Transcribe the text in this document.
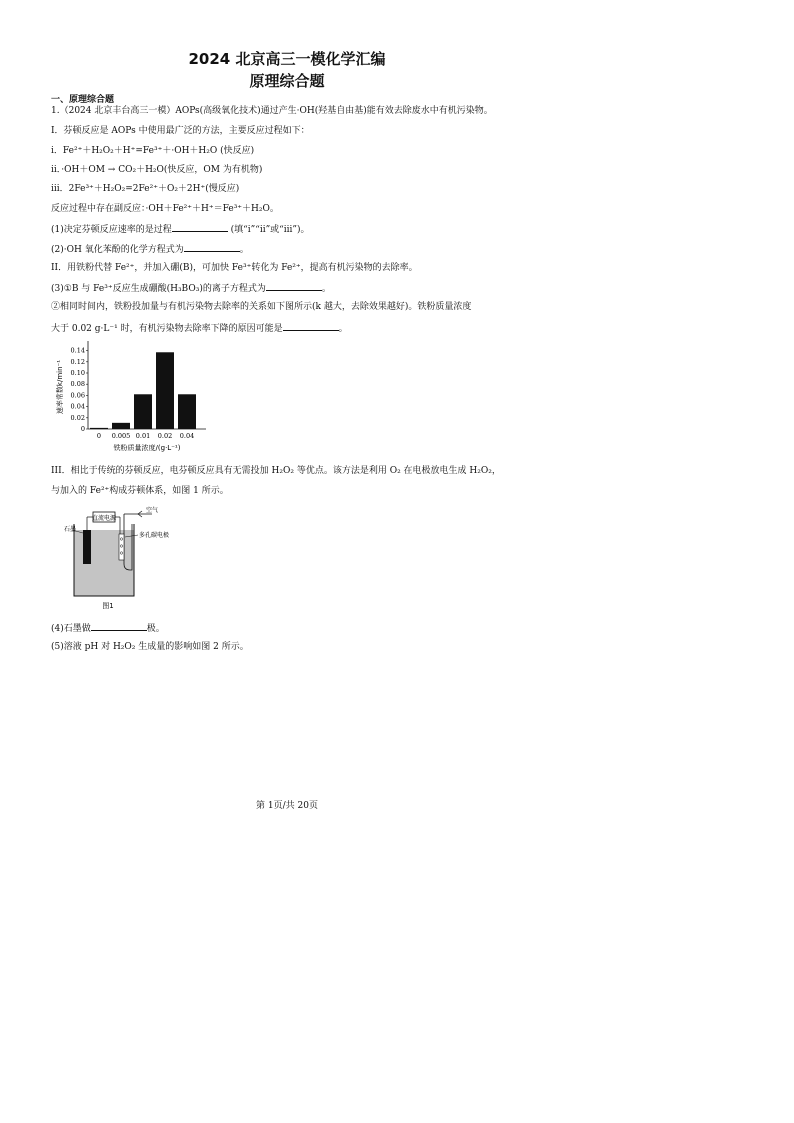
2024 北京高三一模化学汇编
原理综合题
一、原理综合题
1.（2024 北京丰台高三一模）AOPs(高级氧化技术)通过产生·OH(羟基自由基)能有效去除废水中有机污染物。
I．芬顿反应是 AOPs 中使用最广泛的方法，主要反应过程如下：
i．Fe²⁺＋H₂O₂＋H⁺=Fe³⁺＋·OH＋H₂O (快反应)
ii．·OH＋OM → CO₂＋H₂O(快反应，OM 为有机物)
iii．2Fe³⁺＋H₂O₂=2Fe²⁺＋O₂＋2H⁺(慢反应)
反应过程中存在副反应：·OH＋Fe²⁺＋H⁺＝Fe³⁺＋H₂O。
(1)决定芬顿反应速率的是过程	(填“i”“ii”或“iii”)。
(2)·OH 氧化苯酚的化学方程式为	。
II．用铁粉代替 Fe²⁺，并加入硼(B)，可加快 Fe³⁺转化为 Fe²⁺，提高有机污染物的去除率。
(3)①B 与 Fe³⁺反应生成硼酸(H₃BO₃)的离子方程式为	。
②相同时间内，铁粉投加量与有机污染物去除率的关系如下图所示(k 越大，去除效果越好)。铁粉质量浓度
大于 0.02 g·L⁻¹ 时，有机污染物去除率下降的原因可能是	。
0
0.02
0.04
0.06
0.08
0.10
0.12
0.14
0 0.005 0.01 0.02 0.04
铁粉质量浓度/(g·L⁻¹)
速率常数k/min⁻¹
III．相比于传统的芬顿反应，电芬顿反应具有无需投加 H₂O₂ 等优点。该方法是利用 O₂ 在电极放电生成 H₂O₂，
与加入的 Fe²⁺构成芬顿体系，如图 1 所示。
直流电源
空气
多孔碳电极
石墨
图1
(4)石墨做	极。
(5)溶液 pH 对 H₂O₂ 生成量的影响如图 2 所示。
第 1页/共 20页
